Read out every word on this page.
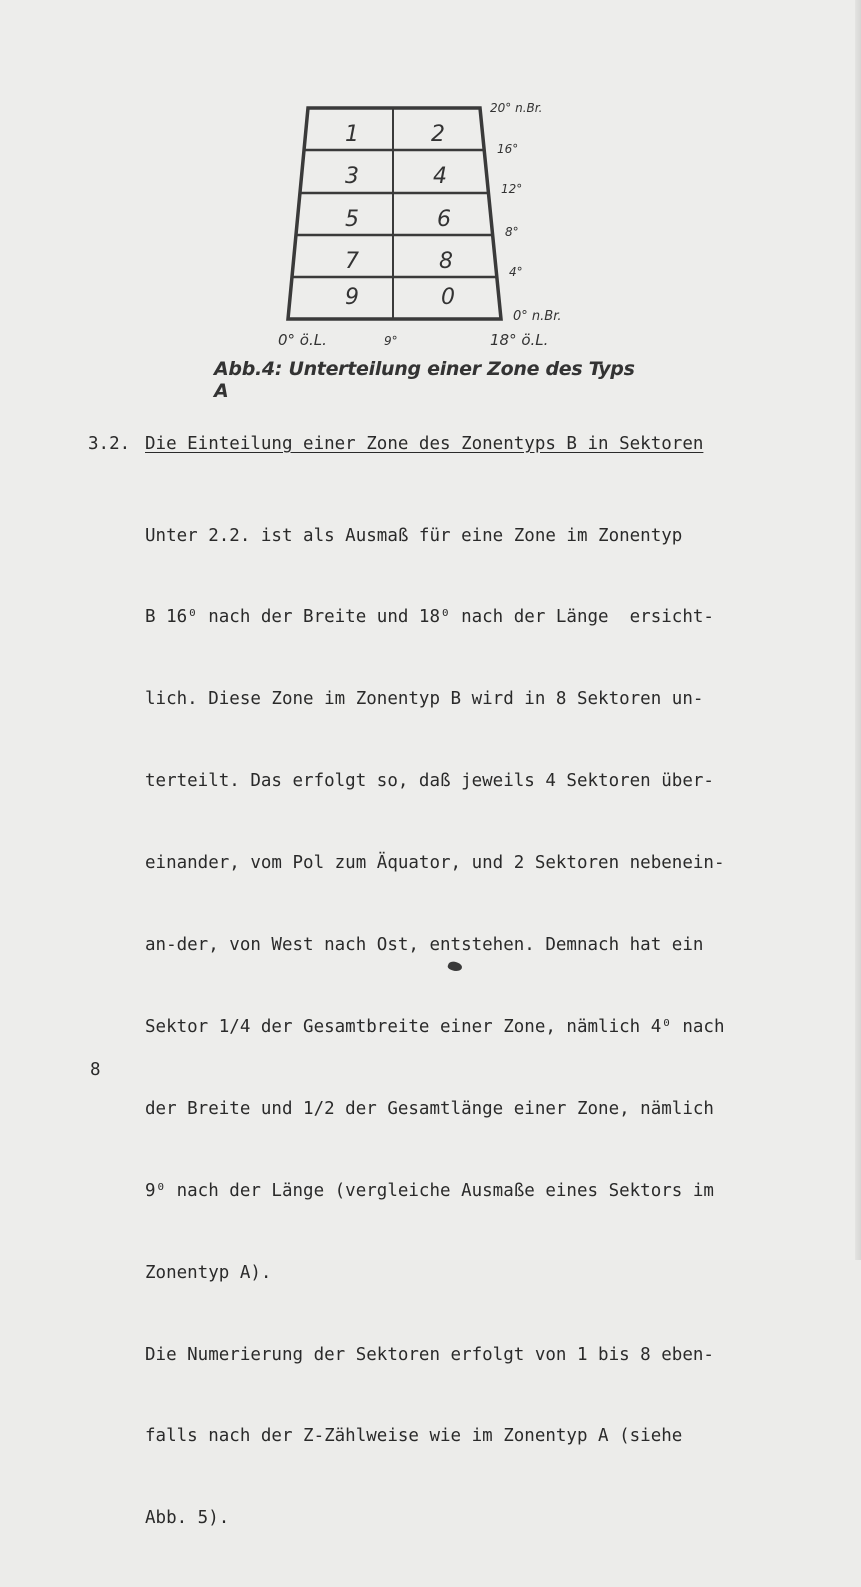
1	2
3	4
5	6
7	8
9	0
20° n.Br.
16°
12°
8°
4°
0° n.Br.
0° ö.L.	9°	18° ö.L.
Abb.4: Unterteilung einer Zone des Typs A
3.2. Die Einteilung einer Zone des Zonentyps B in Sektoren

Unter 2.2. ist als Ausmaß für eine Zone im Zonentyp

B 16⁰ nach der Breite und 18⁰ nach der Länge  ersicht-

lich. Diese Zone im Zonentyp B wird in 8 Sektoren un-

terteilt. Das erfolgt so, daß jeweils 4 Sektoren über-

einander, vom Pol zum Äquator, und 2 Sektoren nebenein-

an-der, von West nach Ost, entstehen. Demnach hat ein

Sektor 1/4 der Gesamtbreite einer Zone, nämlich 4⁰ nach

der Breite und 1/2 der Gesamtlänge einer Zone, nämlich

9⁰ nach der Länge (vergleiche Ausmaße eines Sektors im

Zonentyp A).

Die Numerierung der Sektoren erfolgt von 1 bis 8 eben-

falls nach der Z-Zählweise wie im Zonentyp A (siehe

Abb. 5).

8
